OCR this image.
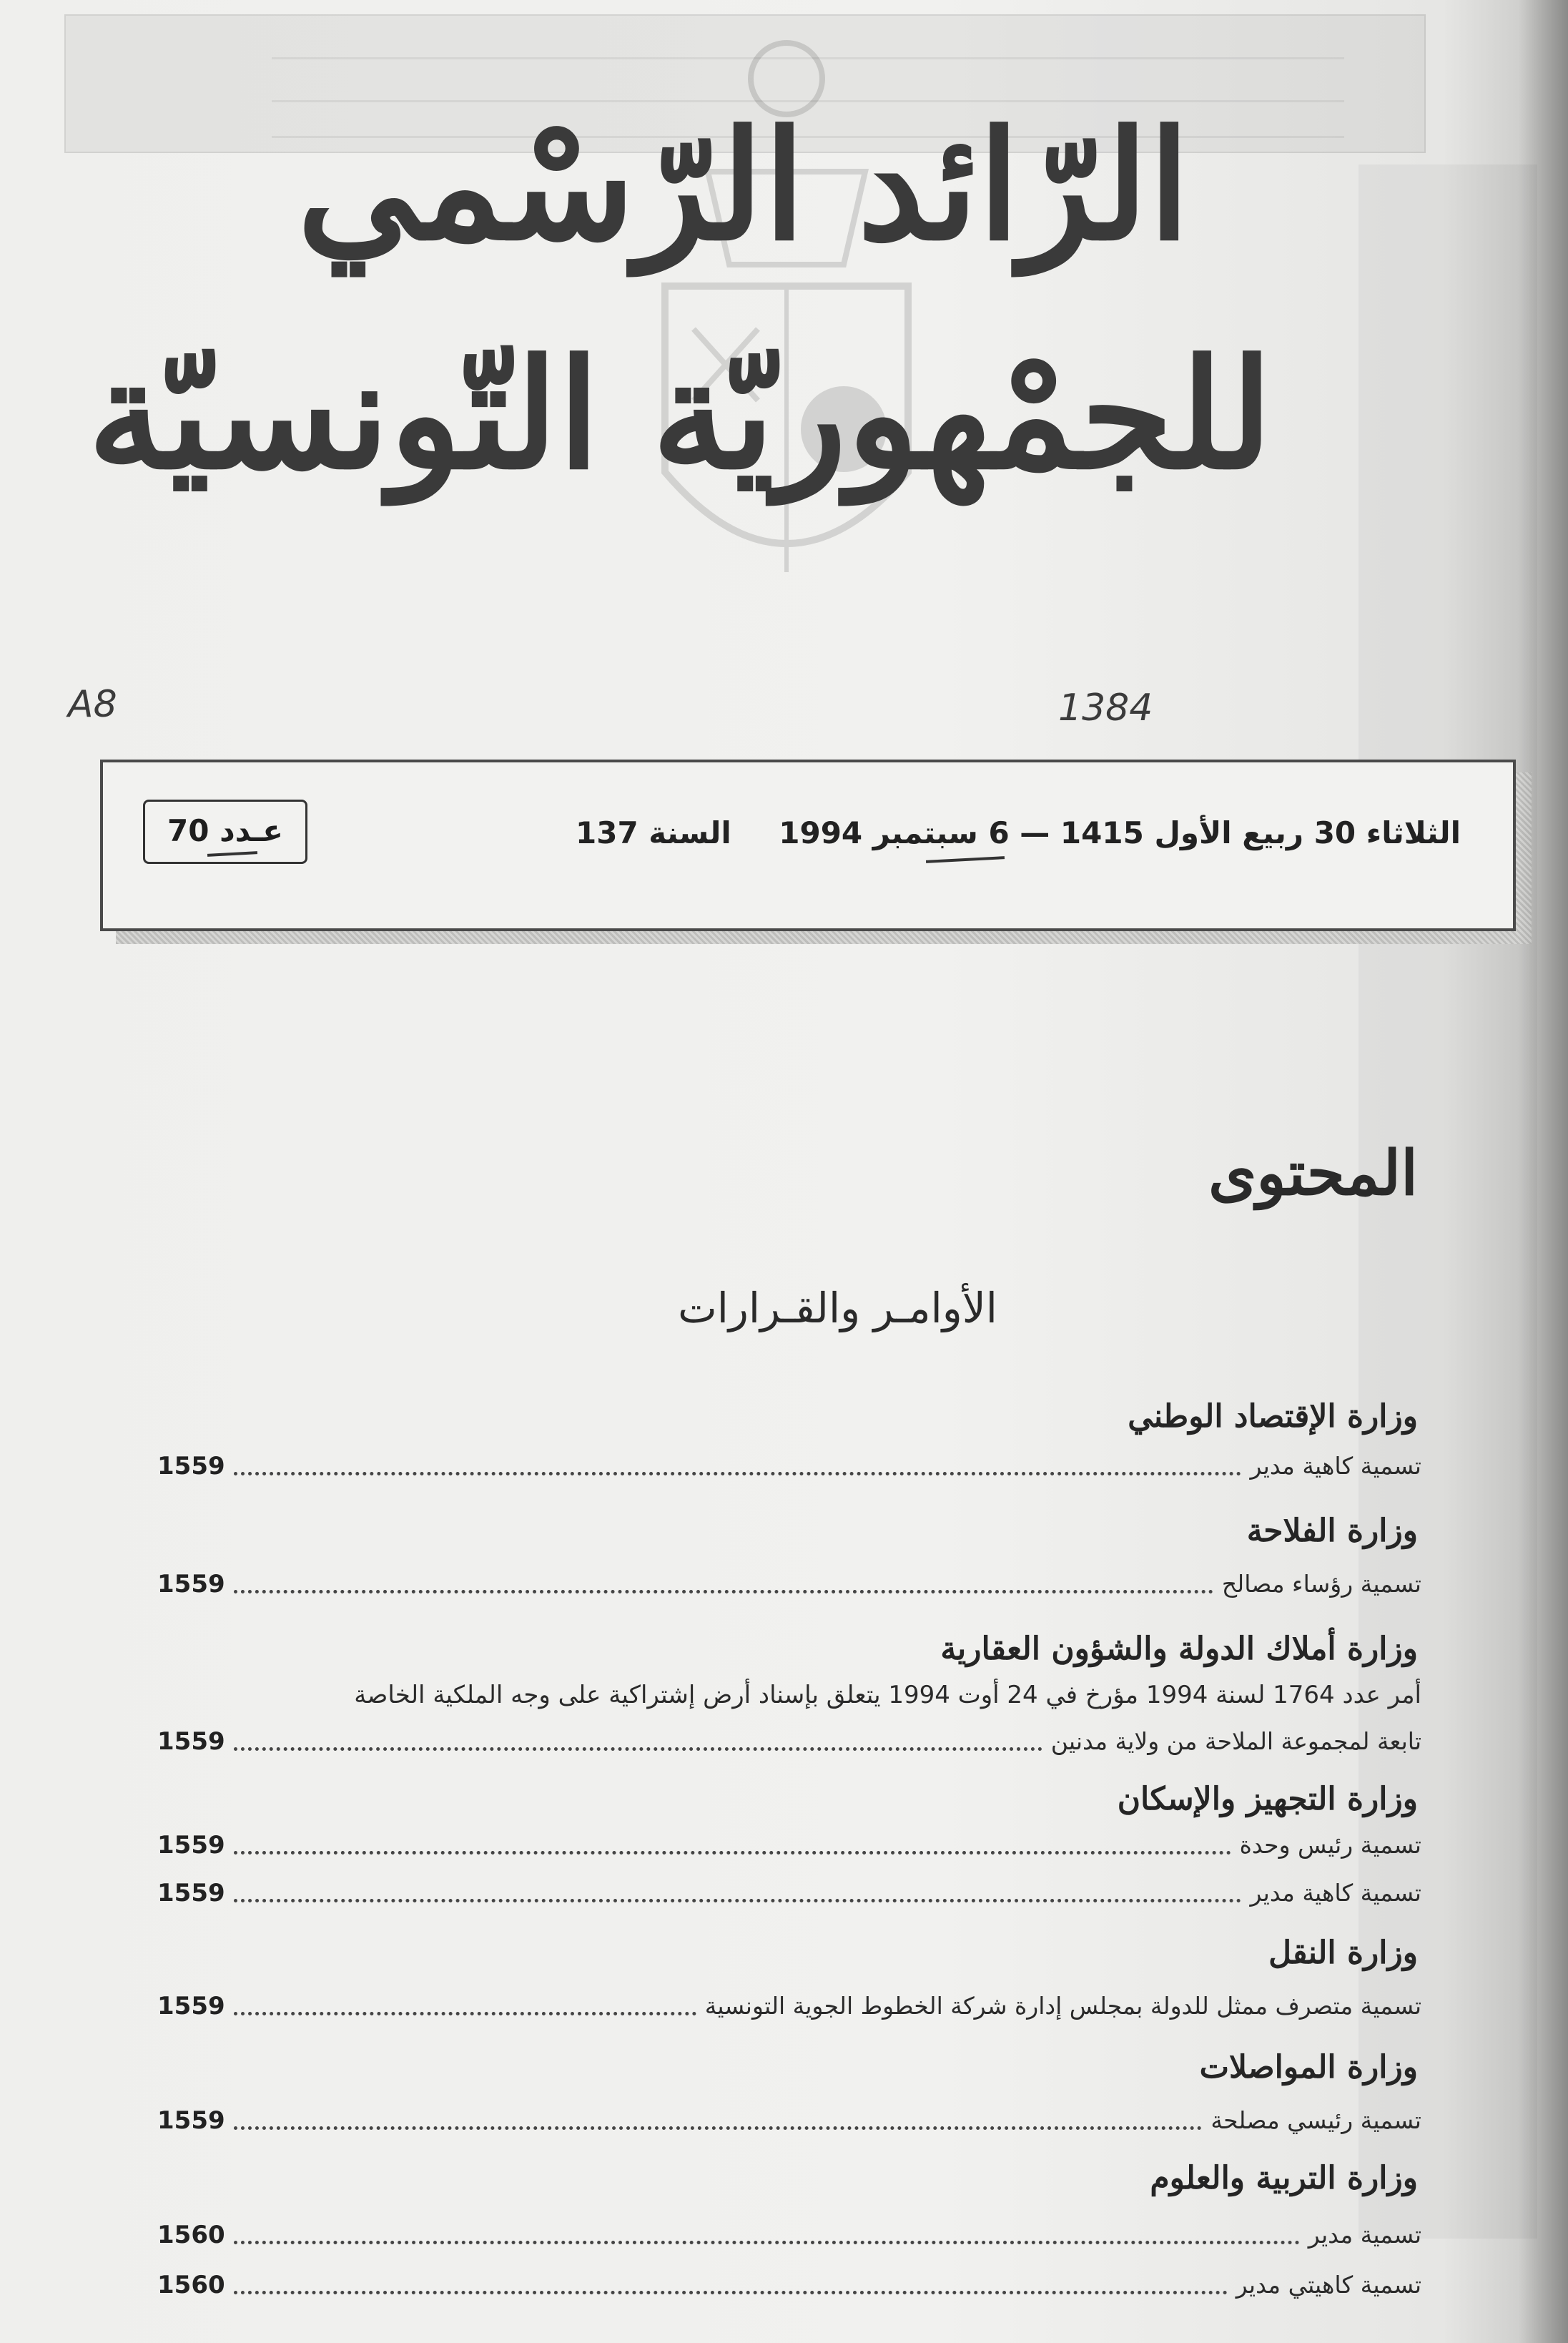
الرّائد الرّسْمي
للجمْهوريّة التّونسيّة
A8	1384
الثلاثاء 30 ربيع الأول 1415 — 6 سبتمبر 1994
السنة 137
عـدد 70
المحتوى
الأوامـر والقـرارات
وزارة الإقتصاد الوطني
تسمية كاهية مدير
1559
وزارة الفلاحة
تسمية رؤساء مصالح
1559
وزارة أملاك الدولة والشؤون العقارية
أمر عدد 1764 لسنة 1994 مؤرخ في 24 أوت 1994 يتعلق بإسناد أرض إشتراكية على وجه الملكية الخاصة
تابعة لمجموعة الملاحة من ولاية مدنين
1559
وزارة التجهيز والإسكان
تسمية رئيس وحدة
1559
تسمية كاهية مدير
1559
وزارة النقل
تسمية متصرف ممثل للدولة بمجلس إدارة شركة الخطوط الجوية التونسية
1559
وزارة المواصلات
تسمية رئيسي مصلحة
1559
وزارة التربية والعلوم
تسمية مدير
1560
تسمية كاهيتي مدير
1560
